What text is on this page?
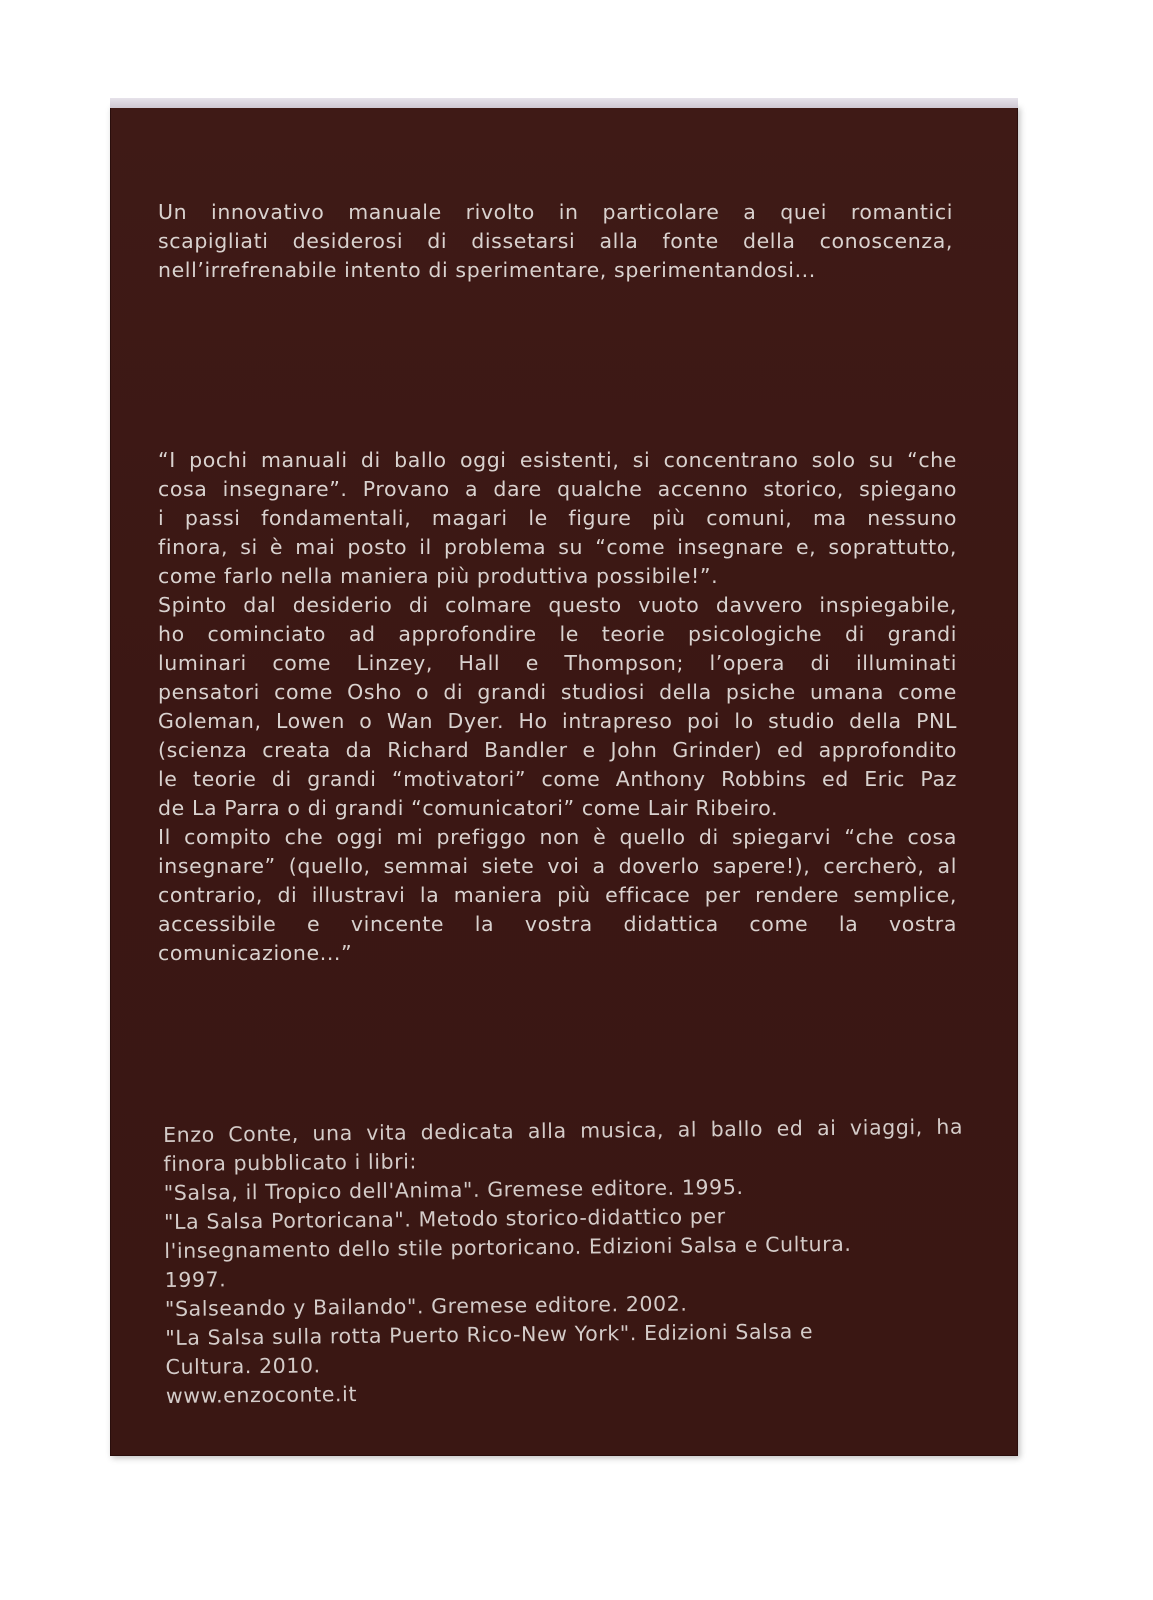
Un innovativo manuale rivolto in particolare a quei romantici
scapigliati desiderosi di dissetarsi alla fonte della conoscenza,
nell’irrefrenabile intento di sperimentare, sperimentandosi...
“I pochi manuali di ballo oggi esistenti, si concentrano solo su “che
cosa insegnare”. Provano a dare qualche accenno storico, spiegano
i passi fondamentali, magari le figure più comuni, ma nessuno
finora, si è mai posto il problema su “come insegnare e, soprattutto,
come farlo nella maniera più produttiva possibile!”.
Spinto dal desiderio di colmare questo vuoto davvero inspiegabile,
ho cominciato ad approfondire le teorie psicologiche di grandi
luminari come Linzey, Hall e Thompson; l’opera di illuminati
pensatori come Osho o di grandi studiosi della psiche umana come
Goleman, Lowen o Wan Dyer. Ho intrapreso poi lo studio della PNL
(scienza creata da Richard Bandler e John Grinder) ed approfondito
le teorie di grandi “motivatori” come Anthony Robbins ed Eric Paz
de La Parra o di grandi “comunicatori” come Lair Ribeiro.
Il compito che oggi mi prefiggo non è quello di spiegarvi “che cosa
insegnare” (quello, semmai siete voi a doverlo sapere!), cercherò, al
contrario, di illustravi la maniera più efficace per rendere semplice,
accessibile e vincente la vostra didattica come la vostra
comunicazione...”
Enzo Conte, una vita dedicata alla musica, al ballo ed ai viaggi, ha
finora pubblicato i libri:
"Salsa, il Tropico dell'Anima". Gremese editore. 1995.
"La Salsa Portoricana". Metodo storico-didattico per
l'insegnamento dello stile portoricano. Edizioni Salsa e Cultura.
1997.
"Salseando y Bailando". Gremese editore. 2002.
"La Salsa sulla rotta Puerto Rico-New York". Edizioni Salsa e
Cultura. 2010.
www.enzoconte.it
